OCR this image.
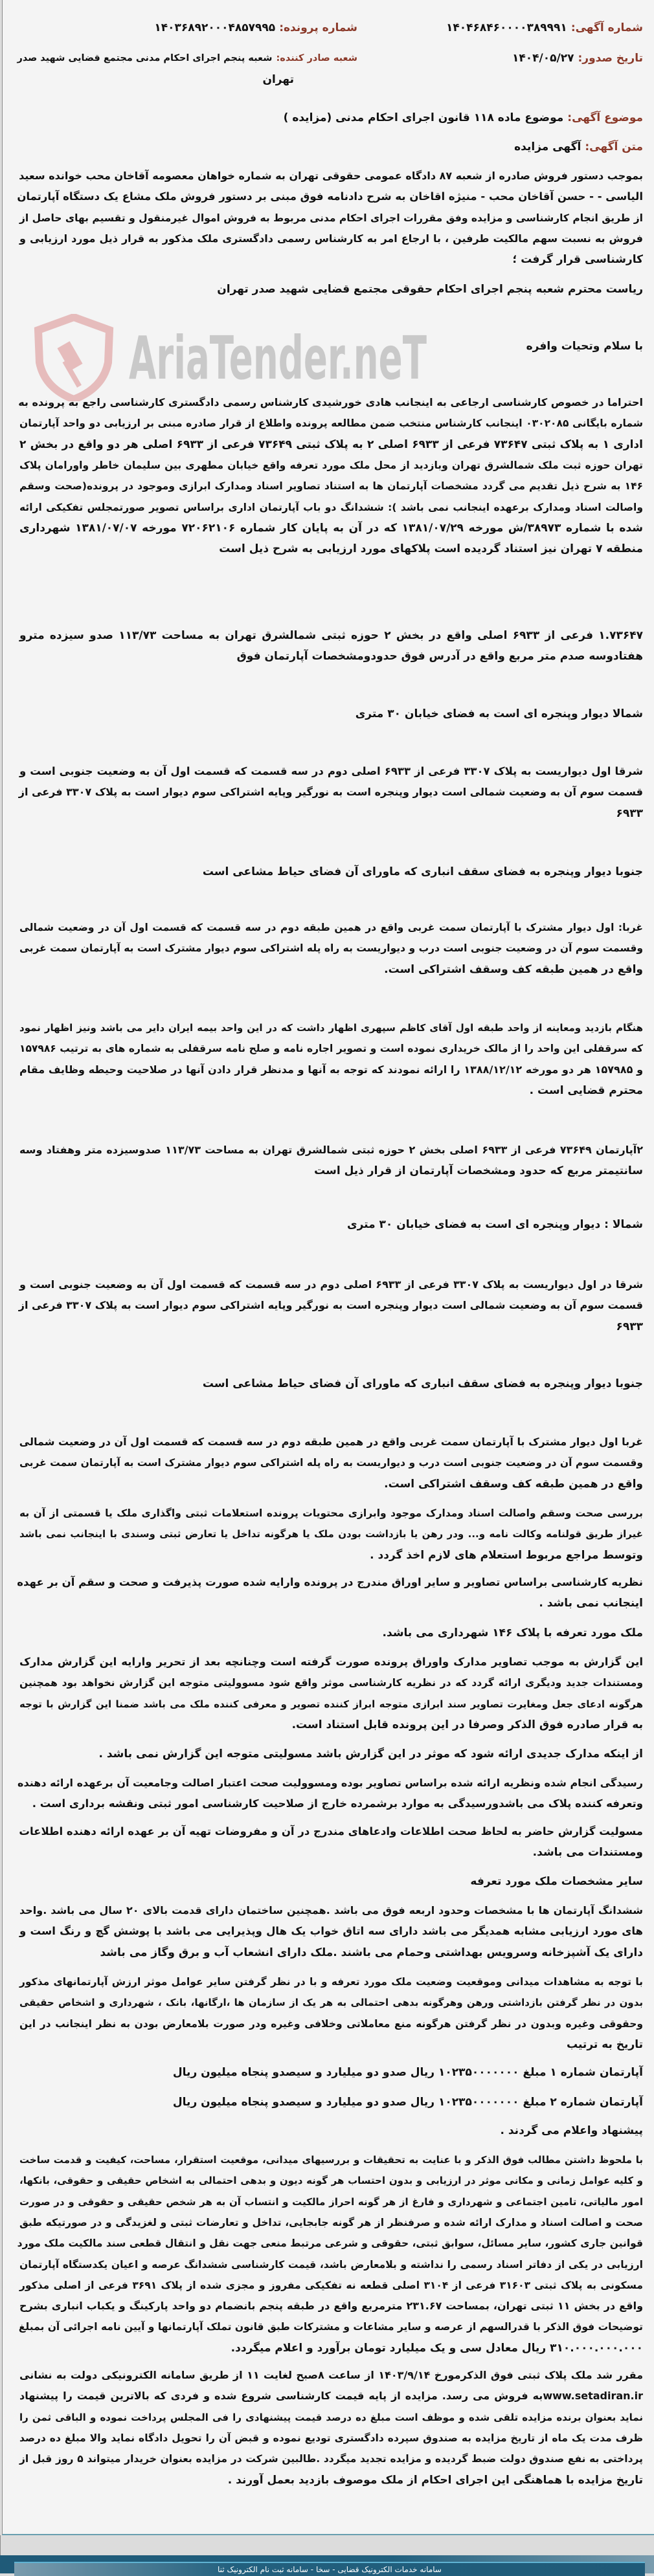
شماره آگهی:۱۴۰۴۶۸۴۶۰۰۰۰۳۸۹۹۹۱
شماره پرونده:۱۴۰۳۶۸۹۲۰۰۰۴۸۵۷۹۹۵
تاریخ صدور:۱۴۰۴/۰۵/۲۷
شعبه صادر کننده:شعبه پنجم اجرای احکام مدنی مجتمع قضایی شهید صدر
تهران
موضوع آگهی:موضوع ماده ۱۱۸ قانون اجرای احکام مدنی (مزایده )
متن آگهی:آگهی مزایده
AriaTender.neT
بموجب دستور فروش صادره از شعبه ۸۷ دادگاه عمومی حقوقی تهران به شماره خواهان معصومه آقاخان محب خوانده سعید
الیاسی - - حسن آقاخان محب - منیژه اقاخان به شرح دادنامه فوق مبنی بر دستور فروش ملک مشاع یک دستگاه آپارتمان
از طریق انجام کارشناسی و مزایده وفق مقررات اجرای احکام مدنی مربوط به فروش اموال غیرمنقول و تقسیم بهای حاصل از
فروش به نسبت سهم مالکیت طرفین ، با ارجاع امر به کارشناس رسمی دادگستری ملک مذکور به قرار ذیل مورد ارزیابی و
کارشناسی قرار گرفت ؛
ریاست محترم شعبه پنجم اجرای احکام حقوقی مجتمع قضایی شهید صدر تهران
با سلام وتحیات وافره
احتراما در خصوص کارشناسی ارجاعی به اینجانب هادی خورشیدی کارشناس رسمی دادگستری کارشناسی راجع به پرونده به
شماره بایگانی ۰۳۰۲۰۸۵ اینجانب کارشناس منتخب ضمن مطالعه پرونده واطلاع از قرار صادره مبنی بر ارزیابی دو واحد آپارتمان
اداری ۱ به پلاک ثبتی ۷۳۶۴۷ فرعی از ۶۹۳۳ اصلی ۲ به پلاک ثبتی ۷۳۶۴۹ فرعی از ۶۹۳۳ اصلی هر دو واقع در بخش ۲
تهران حوزه ثبت ملک شمالشرق تهران وبازدید از محل ملک مورد تعرفه واقع خیابان مطهری بین سلیمان خاطر واورامان پلاک
۱۴۶ به شرح ذیل تقدیم می گردد مشخصات آپارتمان ها به استناد تصاویر اسناد ومدارک ابرازی وموجود در پرونده(صحت وسقم
واصالت اسناد ومدارک برعهده اینجانب نمی باشد ): ششدانگ دو باب آپارتمان اداری براساس تصویر صورتمجلس تفکیکی ارائه
شده با شماره ۳۸۹۷۳/ش مورخه ۱۳۸۱/۰۷/۲۹ که در آن به پایان کار شماره ۷۲۰۶۲۱۰۶ مورخه ۱۳۸۱/۰۷/۰۷ شهرداری
منطقه ۷ تهران نیز استناد گردیده است پلاکهای مورد ارزیابی به شرح ذیل است
۱.۷۳۶۴۷ فرعی از ۶۹۳۳ اصلی واقع در بخش ۲ حوزه ثبتی شمالشرق تهران به مساحت ۱۱۳/۷۳ صدو سیزده مترو
هفتادوسه صدم متر مربع واقع در آدرس فوق حدودومشخصات آپارتمان فوق
شمالا دیوار وپنجره ای است به فضای خیابان ۳۰ متری
شرقا اول دیواریست به پلاک ۳۳۰۷ فرعی از ۶۹۳۳ اصلی دوم در سه قسمت که قسمت اول آن به وضعیت جنوبی است و
قسمت سوم آن به وضعیت شمالی است دیوار وپنجره است به نورگیر وپایه اشتراکی سوم دیوار است به پلاک ۳۳۰۷ فرعی از
۶۹۳۳
جنوبا دیوار وپنجره به فضای سقف انباری که ماورای آن فضای حیاط مشاعی است
غربا: اول دیوار مشترک با آپارتمان سمت غربی واقع در همین طبقه دوم در سه قسمت که قسمت اول آن در وضعیت شمالی
وقسمت سوم آن در وضعیت جنوبی است درب و دیواریست به راه پله اشتراکی سوم دیوار مشترک است به آپارتمان سمت غربی
واقع در همین طبقه کف وسقف اشتراکی است.
هنگام بازدید ومعاینه از واحد طبقه اول آقای کاظم سپهری اظهار داشت که در این واحد بیمه ایران دایر می باشد ونیز اظهار نمود
که سرقفلی این واحد را از مالک خریداری نموده است و تصویر اجاره نامه و صلح نامه سرقفلی به شماره های به ترتیب ۱۵۷۹۸۶
و ۱۵۷۹۸۵ هر دو مورخه ۱۳۸۸/۱۲/۱۲ را ارائه نمودند که توجه به آنها و مدنظر قرار دادن آنها در صلاحیت وحیطه وظایف مقام
محترم قضایی است .
۲آپارتمان ۷۳۶۴۹ فرعی از ۶۹۳۳ اصلی بخش ۲ حوزه ثبتی شمالشرق تهران به مساحت ۱۱۳/۷۳ صدوسیزده متر وهفتاد وسه
سانتیمتر مربع که حدود ومشخصات آپارتمان از قرار ذیل است
شمالا : دیوار وپنجره ای است به فضای خیابان ۳۰ متری
شرقا در اول دیواریست به پلاک ۳۳۰۷ فرعی از ۶۹۳۳ اصلی دوم در سه قسمت که قسمت اول آن به وضعیت جنوبی است و
قسمت سوم آن به وضعیت شمالی است دیوار وپنجره است به نورگیر وپایه اشتراکی سوم دیوار است به پلاک ۳۳۰۷ فرعی از
۶۹۳۳
جنوبا دیوار وپنجره به فضای سقف انباری که ماورای آن فضای حیاط مشاعی است
غربا اول دیوار مشترک با آپارتمان سمت غربی واقع در همین طبقه دوم در سه قسمت که قسمت اول آن در وضعیت شمالی
وقسمت سوم آن در وضعیت جنوبی است درب و دیواریست به راه پله اشتراکی سوم دیوار مشترک است به آپارتمان سمت غربی
واقع در همین طبقه کف وسقف اشتراکی است.
بررسی صحت وسقم واصالت اسناد ومدارک موجود وابرازی محتویات پرونده استعلامات ثبتی واگذاری ملک یا قسمتی از آن به
غیراز طریق قولنامه وکالت نامه و... ودر رهن یا بازداشت بودن ملک یا هرگونه تداخل یا تعارض ثبتی وسندی با اینجانب نمی باشد
وتوسط مراجع مربوط استعلام های لازم اخذ گردد .
نظریه کارشناسی براساس تصاویر و سایر اوراق مندرج در پرونده وارایه شده صورت پذیرفت و صحت و سقم آن بر عهده
اینجانب نمی باشد .
ملک مورد تعرفه با پلاک ۱۴۶ شهرداری می باشد.
این گزارش به موجب تصاویر مدارک واوراق پرونده صورت گرفته است وچنانچه بعد از تحریر وارایه این گزارش مدارک
ومستندات جدید ودیگری ارائه گردد که در نظریه کارشناسی موثر واقع شود مسوولیتی متوجه این گزارش نخواهد بود همچنین
هرگونه ادعای جعل ومغایرت تصاویر سند ابرازی متوجه ابراز کننده تصویر و معرفی کننده ملک می باشد ضمنا این گزارش با توجه
به قرار صادره فوق الذکر وصرفا در این پرونده قابل استناد است.
از اینکه مدارک جدیدی ارائه شود که موثر در این گزارش باشد مسولیتی متوجه این گزارش نمی باشد .
رسیدگی انجام شده ونظریه ارائه شده براساس تصاویر بوده ومسوولیت صحت اعتبار اصالت وجامعیت آن برعهده ارائه دهنده
وتعرفه کننده پلاک می باشدورسیدگی به موارد برشمرده خارج از صلاحیت کارشناسی امور ثبتی ونقشه برداری است .
مسولیت گزارش حاضر به لحاظ صحت اطلاعات وادعاهای مندرج در آن و مفروضات تهیه آن بر عهده ارائه دهنده اطلاعات
ومستندات می باشد.
سایر مشخصات ملک مورد تعرفه
ششدانگ آپارتمان ها با مشخصات وحدود اربعه فوق می باشد .همچنین ساختمان دارای قدمت بالای ۲۰ سال می باشد .واحد
های مورد ارزیابی مشابه همدیگر می باشد دارای سه اتاق خواب یک هال وپذیرایی می باشد با پوشش گچ و رنگ است و
دارای یک آشپزخانه وسرویس بهداشتی وحمام می باشند .ملک دارای انشعاب آب و برق وگاز می باشد
با توجه به مشاهدات میدانی وموقعیت وضعیت ملک مورد تعرفه و با در نظر گرفتن سایر عوامل موثر ارزش آپارتمانهای مذکور
بدون در نظر گرفتن بازداشتی ورهن وهرگونه بدهی احتمالی به هر یک از سازمان ها ،ارگانها، بانک ، شهرداری و اشخاص حقیقی
وحقوقی وغیره وبدون در نظر گرفتن هرگونه منع معاملاتی وخلافی وغیره ودر صورت بلامعارض بودن به نظر اینجانب در این
تاریخ به ترتیب
آپارتمان شماره ۱ مبلغ ۱۰۲۳۵۰۰۰۰۰۰۰ ریال صدو دو میلیارد و سیصدو پنجاه میلیون ریال
آپارتمان شماره ۲ مبلغ ۱۰۲۳۵۰۰۰۰۰۰۰ ریال صدو دو میلیارد و سیصدو پنجاه میلیون ریال
پیشنهاد واعلام می گردند .
با ملحوظ داشتن مطالب فوق الذکر و با عنایت به تحقیقات و بررسیهای میدانی، موقعیت استقرار، مساحت، کیفیت و قدمت ساخت
و کلیه عوامل زمانی و مکانی موثر در ارزیابی و بدون احتساب هر گونه دیون و بدهی احتمالی به اشخاص حقیقی و حقوقی، بانکها،
امور مالیاتی، تامین اجتماعی و شهرداری و فارغ از هر گونه احراز مالکیت و انتساب آن به هر شخص حقیقی و حقوقی و در صورت
صحت و اصالت اسناد و مدارک ارائه شده و صرفنظر از هر گونه جابجایی، تداخل و تعارضات ثبتی و لغزیدگی و در صورتیکه طبق
قوانین جاری کشور، سایر مسائل، سوابق ثبتی، حقوقی و شرعی مرتبط منعی جهت نقل و انتقال قطعی سند مالکیت ملک مورد
ارزیابی در یکی از دفاتر اسناد رسمی را نداشته و بلامعارض باشد، قیمت کارشناسی ششدانگ عرصه و اعیان یکدستگاه آپارتمان
مسکونی به پلاک ثبتی ۳۱۶۰۳ فرعی از ۳۱۰۴ اصلی قطعه نه تفکیکی مفروز و مجزی شده از پلاک ۳۶۹۱ فرعی از اصلی مذکور
واقع در بخش ۱۱ ثبتی تهران، بمساحت ۲۳۱.۶۷ مترمربع واقع در طبقه پنجم بانضمام دو واحد پارکینگ و یکباب انباری بشرح
توضیحات فوق الذکر با قدرالسهم از عرصه و سایر مشاعات و مشترکات طبق قانون تملک آپارتمانها و آیین نامه اجرائی آن بمبلغ
۳۱۰.۰۰۰.۰۰۰.۰۰۰ ریال معادل سی و یک میلیارد تومان برآورد و اعلام میگردد.
مقرر شد ملک پلاک ثبتی فوق الذکرمورخ ۱۴۰۳/۹/۱۴ از ساعت ۸صبح لغایت ۱۱ از طریق سامانه الکترونیکی دولت به نشانی
www.setadiran.irبه فروش می رسد. مزایده از پایه قیمت کارشناسی شروع شده و فردی که بالاترین قیمت را پیشنهاد
نماید بعنوان برنده مزایده تلقی شده و موظف است مبلغ ده درصد قیمت پیشنهادی را فی المجلس پرداخت نموده و الباقی ثمن را
ظرف مدت یک ماه از تاریخ مزایده به صندوق سپرده دادگستری تودیع نموده و قبض آن را تحویل دادگاه نماید والا مبلغ ده درصد
پرداختی به نفع صندوق دولت ضبط گردیده و مزایده تجدید میگردد .طالبین شرکت در مزایده بعنوان خریدار میتواند ۵ روز قبل از
تاریخ مزایده با هماهنگی این اجرای احکام از ملک موصوف بازدید بعمل آورند .
سامانه خدمات الکترونیک قضایی - سخا - سامانه ثبت نام الکترونیک ثنا
